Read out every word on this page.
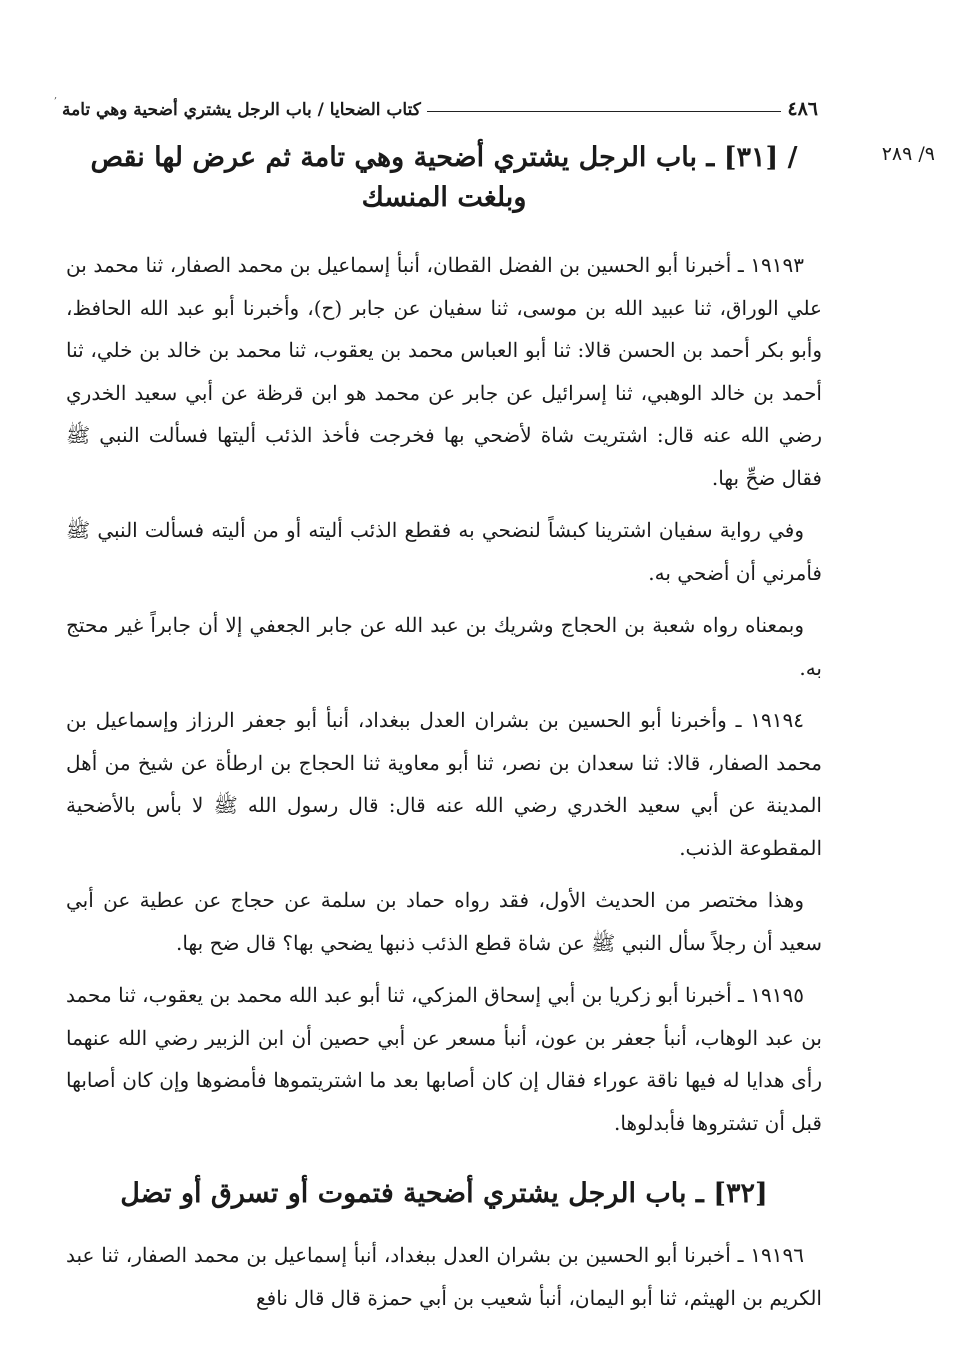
,
٤٨٦
كتاب الضحايا / باب الرجل يشتري أضحية وهي تامة
٩/ ٢٨٩
/ [٣١] ـ باب الرجل يشتري أضحية وهي تامة ثم عرض لها نقص وبلغت المنسك

١٩١٩٣ ـ أخبرنا أبو الحسين بن الفضل القطان، أنبأ إسماعيل بن محمد الصفار، ثنا محمد بن علي الوراق، ثنا عبيد الله بن موسى، ثنا سفيان عن جابر (ح)، وأخبرنا أبو عبد الله الحافظ، وأبو بكر أحمد بن الحسن قالا: ثنا أبو العباس محمد بن يعقوب، ثنا محمد بن خالد بن خلي، ثنا أحمد بن خالد الوهبي، ثنا إسرائيل عن جابر عن محمد هو ابن قرظة عن أبي سعيد الخدري رضي الله عنه قال: اشتريت شاة لأضحي بها فخرجت فأخذ الذئب أليتها فسألت النبي ﷺ فقال ضحِّ بها.

وفي رواية سفيان اشترينا كبشاً لنضحي به فقطع الذئب أليته أو من أليته فسألت النبي ﷺ فأمرني أن أضحي به.

وبمعناه رواه شعبة بن الحجاج وشريك بن عبد الله عن جابر الجعفي إلا أن جابراً غير محتج به.

١٩١٩٤ ـ وأخبرنا أبو الحسين بن بشران العدل ببغداد، أنبأ أبو جعفر الرزاز وإسماعيل بن محمد الصفار، قالا: ثنا سعدان بن نصر، ثنا أبو معاوية ثنا الحجاج بن ارطأة عن شيخ من أهل المدينة عن أبي سعيد الخدري رضي الله عنه قال: قال رسول الله ﷺ لا بأس بالأضحية المقطوعة الذنب.

وهذا مختصر من الحديث الأول، فقد رواه حماد بن سلمة عن حجاج عن عطية عن أبي سعيد أن رجلاً سأل النبي ﷺ عن شاة قطع الذئب ذنبها يضحي بها؟ قال ضح بها.

١٩١٩٥ ـ أخبرنا أبو زكريا بن أبي إسحاق المزكي، ثنا أبو عبد الله محمد بن يعقوب، ثنا محمد بن عبد الوهاب، أنبأ جعفر بن عون، أنبأ مسعر عن أبي حصين أن ابن الزبير رضي الله عنهما رأى هدايا له فيها ناقة عوراء فقال إن كان أصابها بعد ما اشتريتموها فأمضوها وإن كان أصابها قبل أن تشتروها فأبدلوها.

[٣٢] ـ باب الرجل يشتري أضحية فتموت أو تسرق أو تضل

١٩١٩٦ ـ أخبرنا أبو الحسين بن بشران العدل ببغداد، أنبأ إسماعيل بن محمد الصفار، ثنا عبد الكريم بن الهيثم، ثنا أبو اليمان، أنبأ شعيب بن أبي حمزة قال قال نافع
